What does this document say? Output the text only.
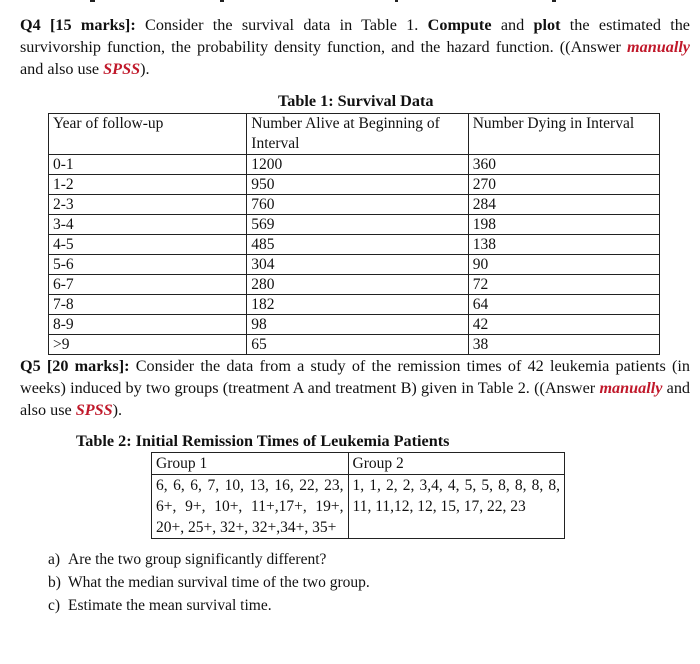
Q4 [15 marks]: Consider the survival data in Table 1. Compute and plot the estimated the survivorship function, the probability density function, and the hazard function. ((Answer manually and also use SPSS).
Table 1: Survival Data
Year of follow-up	Number Alive at Beginning of Interval	Number Dying in Interval
0-1	1200	360
1-2	950	270
2-3	760	284
3-4	569	198
4-5	485	138
5-6	304	90
6-7	280	72
7-8	182	64
8-9	98	42
>9	65	38
Q5 [20 marks]: Consider the data from a study of the remission times of 42 leukemia patients (in weeks) induced by two groups (treatment A and treatment B) given in Table 2. ((Answer manually and also use SPSS).
Table 2: Initial Remission Times of Leukemia Patients
Group 1	Group 2
6, 6, 6, 7, 10, 13, 16, 22, 23, 6+, 9+, 10+, 11+,17+, 19+, 20+, 25+, 32+, 32+,34+, 35+	1, 1, 2, 2, 3,4, 4, 5, 5, 8, 8, 8, 8, 11, 11,12, 12, 15, 17, 22, 23
a) Are the two group significantly different?
b) What the median survival time of the two group.
c) Estimate the mean survival time.
